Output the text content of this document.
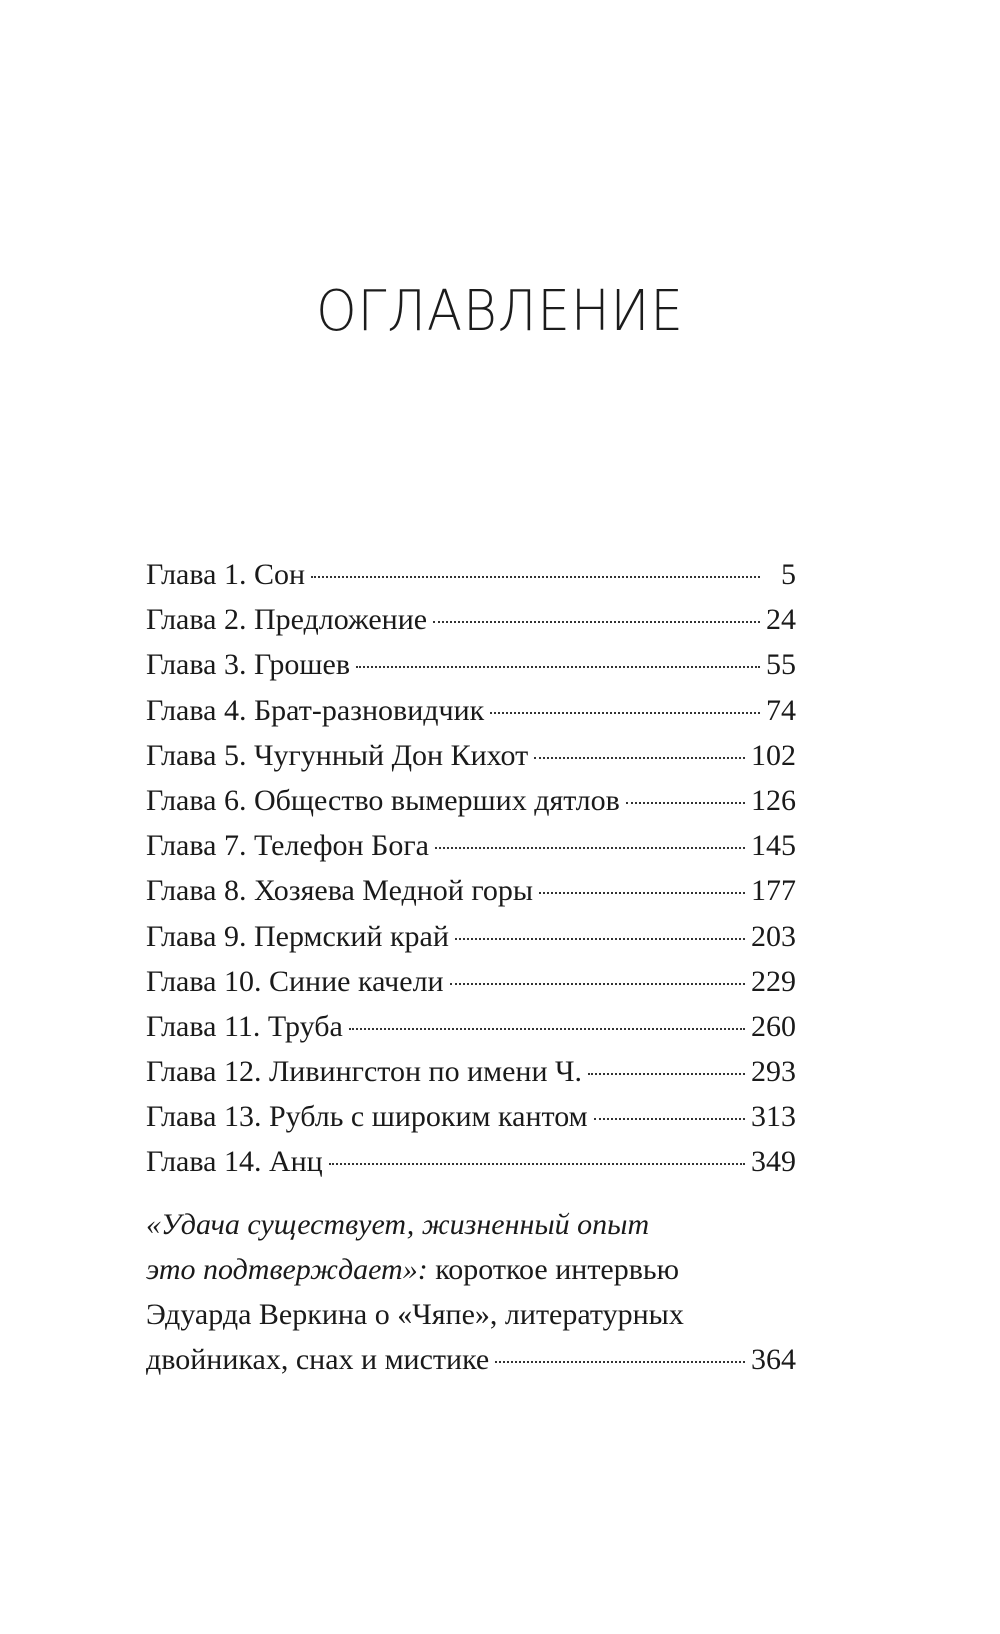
ОГЛАВЛЕНИЕ
Глава 1. Сон	5
Глава 2. Предложение	24
Глава 3. Грошев	55
Глава 4. Брат-разновидчик	74
Глава 5. Чугунный Дон Кихот	102
Глава 6. Общество вымерших дятлов	126
Глава 7. Телефон Бога	145
Глава 8. Хозяева Медной горы	177
Глава 9. Пермский край	203
Глава 10. Синие качели	229
Глава 11. Труба	260
Глава 12. Ливингстон по имени Ч.	293
Глава 13. Рубль с широким кантом	313
Глава 14. Анц	349
«Удача существует, жизненный опыт
это подтверждает»: короткое интервью
Эдуарда Веркина о «Чяпе», литературных
двойниках, снах и мистике	364
